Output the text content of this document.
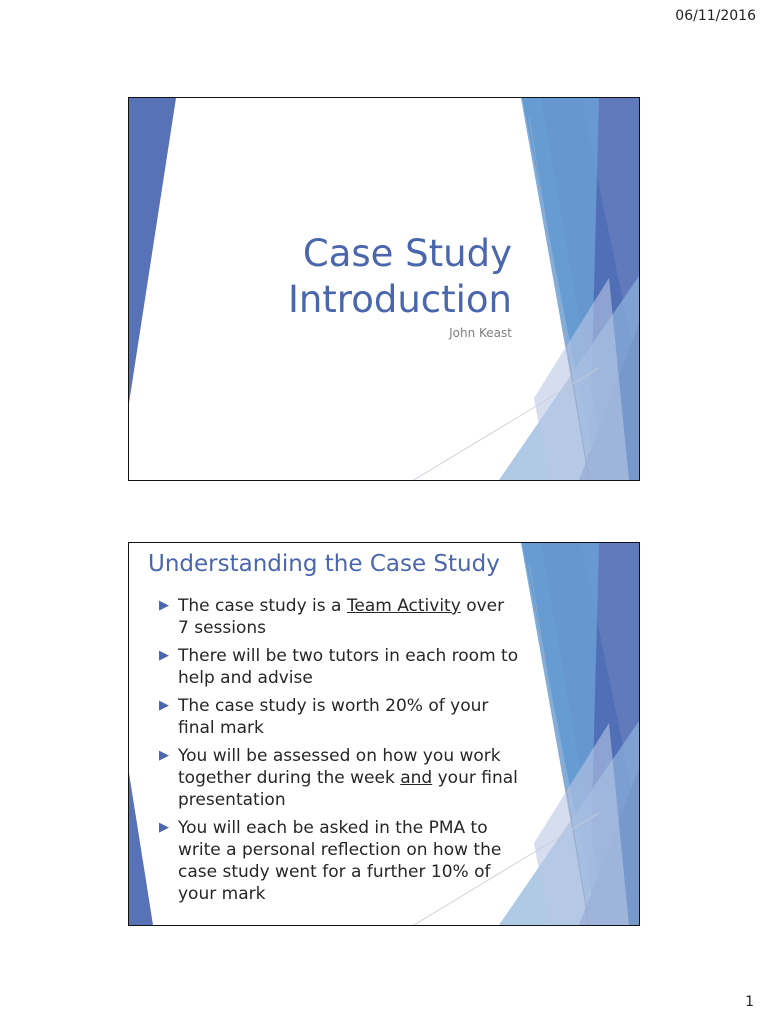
06/11/2016
Case Study
Introduction
John Keast
Understanding the Case Study
▶ The case study is a Team Activity over 7 sessions
▶ There will be two tutors in each room to help and advise
▶ The case study is worth 20% of your final mark
▶ You will be assessed on how you work together during the week and your final presentation
▶ You will each be asked in the PMA to write a personal reflection on how the case study went for a further 10% of your mark
1
